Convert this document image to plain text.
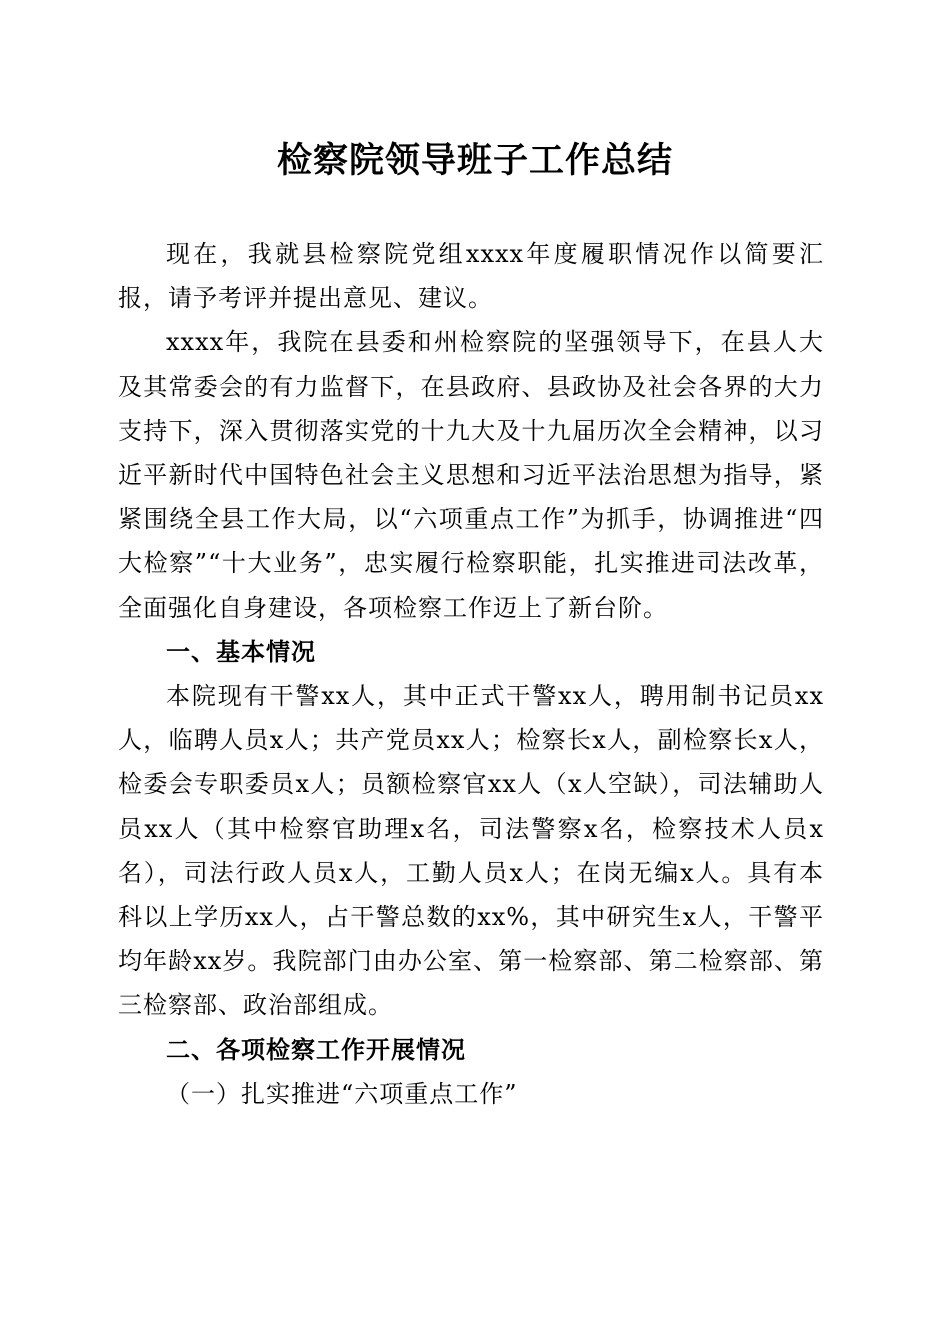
检察院领导班子工作总结

现在，我就县检察院党组xxxx年度履职情况作以简要汇报，请予考评并提出意见、建议。

xxxx年，我院在县委和州检察院的坚强领导下，在县人大及其常委会的有力监督下，在县政府、县政协及社会各界的大力支持下，深入贯彻落实党的十九大及十九届历次全会精神，以习近平新时代中国特色社会主义思想和习近平法治思想为指导，紧紧围绕全县工作大局，以“六项重点工作”为抓手，协调推进“四大检察”“十大业务”，忠实履行检察职能，扎实推进司法改革，全面强化自身建设，各项检察工作迈上了新台阶。

一、基本情况

本院现有干警xx人，其中正式干警xx人，聘用制书记员xx人，临聘人员x人；共产党员xx人；检察长x人，副检察长x人，检委会专职委员x人；员额检察官xx人（x人空缺），司法辅助人员xx人（其中检察官助理x名，司法警察x名，检察技术人员x名），司法行政人员x人，工勤人员x人；在岗无编x人。具有本科以上学历xx人，占干警总数的xx%，其中研究生x人，干警平均年龄xx岁。我院部门由办公室、第一检察部、第二检察部、第三检察部、政治部组成。

二、各项检察工作开展情况

（一）扎实推进“六项重点工作”
